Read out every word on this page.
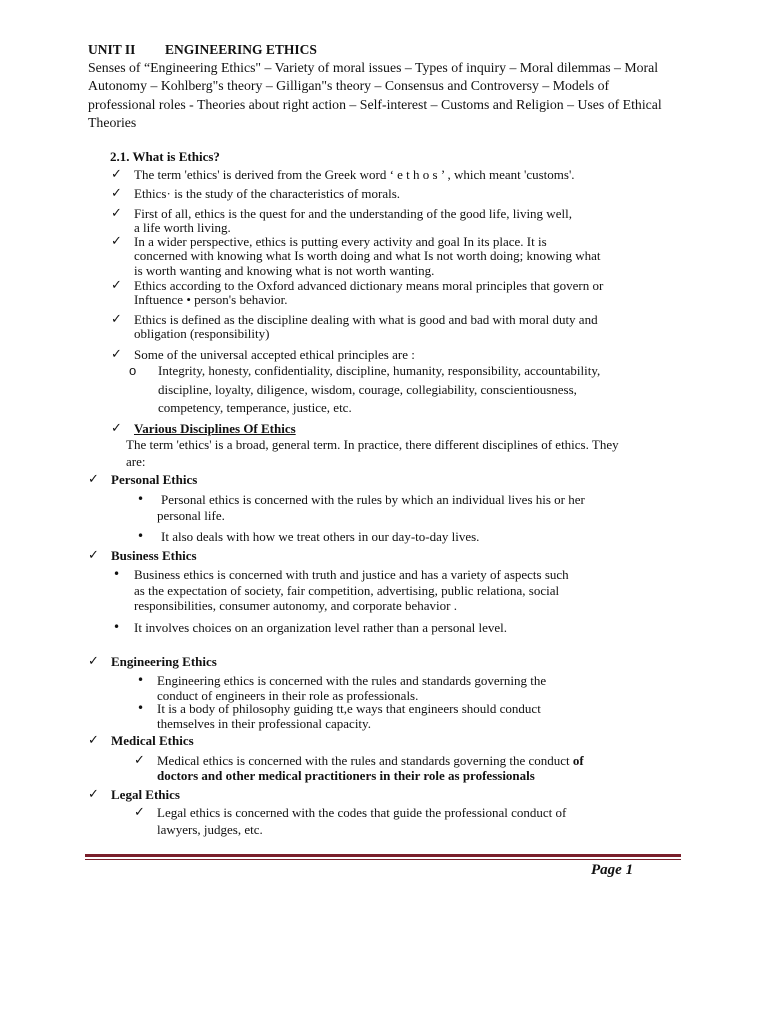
UNIT II ENGINEERING ETHICS
Senses of “Engineering Ethics" – Variety of moral issues – Types of inquiry – Moral dilemmas – Moral
Autonomy – Kohlberg"s theory – Gilligan"s theory – Consensus and Controversy – Models of
professional roles - Theories about right action – Self-interest – Customs and Religion – Uses of Ethical
Theories
2.1. What is Ethics?
✓ The term 'ethics' is derived from the Greek word ‘ e t h o s ’ , which meant 'customs'.
✓ Ethics· is the study of the characteristics of morals.
✓ First of all, ethics is the quest for and the understanding of the good life, living well,
a life worth living.
✓ In a wider perspective, ethics is putting every activity and goal In its place. It is
concerned with knowing what Is worth doing and what Is not worth doing; knowing what
is worth wanting and knowing what is not worth wanting.
✓ Ethics according to the Oxford advanced dictionary means moral principles that govern or
Inftuence • person's behavior.
✓ Ethics is defined as the discipline dealing with what is good and bad with moral duty and
obligation (responsibility)
✓ Some of the universal accepted ethical principles are :
o Integrity, honesty, confidentiality, discipline, humanity, responsibility, accountability,
discipline, loyalty, diligence, wisdom, courage, collegiability, conscientiousness,
competency, temperance, justice, etc.
✓ Various Disciplines Of Ethics
The term 'ethics' is a broad, general term. In practice, there different disciplines of ethics. They
are:
✓ Personal Ethics
• Personal ethics is concerned with the rules by which an individual lives his or her
personal life.
• It also deals with how we treat others in our day-to-day lives.
✓ Business Ethics
• Business ethics is concerned with truth and justice and has a variety of aspects such
as the expectation of society, fair competition, advertising, public relationa, social
responsibilities, consumer autonomy, and corporate behavior .
• It involves choices on an organization level rather than a personal level.
✓ Engineering Ethics
• Engineering ethics is concerned with the rules and standards governing the
conduct of engineers in their role as professionals.
• It is a body of philosophy guiding tt,e ways that engineers should conduct
themselves in their professional capacity.
✓ Medical Ethics
✓ Medical ethics is concerned with the rules and standards governing the conduct of
doctors and other medical practitioners in their role as professionals
✓ Legal Ethics
✓ Legal ethics is concerned with the codes that guide the professional conduct of
lawyers, judges, etc.
Page 1
